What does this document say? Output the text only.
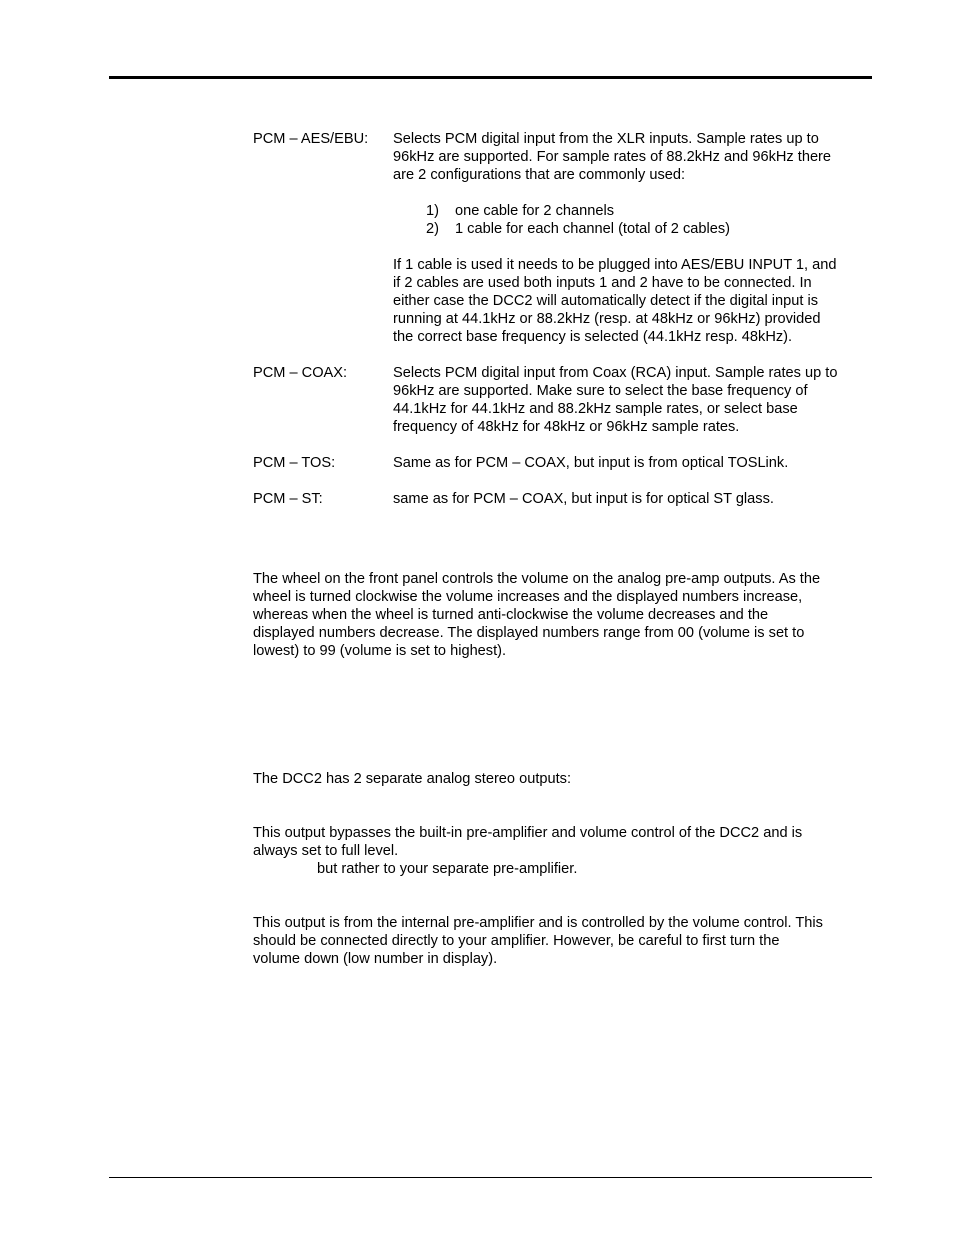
PCM – AES/EBU: Selects PCM digital input from the XLR inputs. Sample rates up to

96kHz are supported. For sample rates of 88.2kHz and 96kHz there

are 2 configurations that are commonly used:

1) one cable for 2 channels
2) 1 cable for each channel (total of 2 cables)

If 1 cable is used it needs to be plugged into AES/EBU INPUT 1, and

if 2 cables are used both inputs 1 and 2 have to be connected. In

either case the DCC2 will automatically detect if the digital input is

running at 44.1kHz or 88.2kHz (resp. at 48kHz or 96kHz) provided

the correct base frequency is selected (44.1kHz resp. 48kHz).

PCM – COAX:	Selects PCM digital input from Coax (RCA) input. Sample rates up to

96kHz are supported. Make sure to select the base frequency of

44.1kHz for 44.1kHz and 88.2kHz sample rates, or select base

frequency of 48kHz for 48kHz or 96kHz sample rates.

PCM – TOS:	Same as for PCM – COAX, but input is from optical TOSLink.

PCM – ST:	same as for PCM – COAX, but input is for optical ST glass.

The wheel on the front panel controls the volume on the analog pre-amp outputs. As the

wheel is turned clockwise the volume increases and the displayed numbers increase,

whereas when the wheel is turned anti-clockwise the volume decreases and the

displayed numbers decrease. The displayed numbers range from 00 (volume is set to

lowest) to 99 (volume is set to highest).

The DCC2 has 2 separate analog stereo outputs:

This output bypasses the built-in pre-amplifier and volume control of the DCC2 and is

always set to full level.

but rather to your separate pre-amplifier.

This output is from the internal pre-amplifier and is controlled by the volume control. This

should be connected directly to your amplifier. However, be careful to first turn the

volume down (low number in display).
